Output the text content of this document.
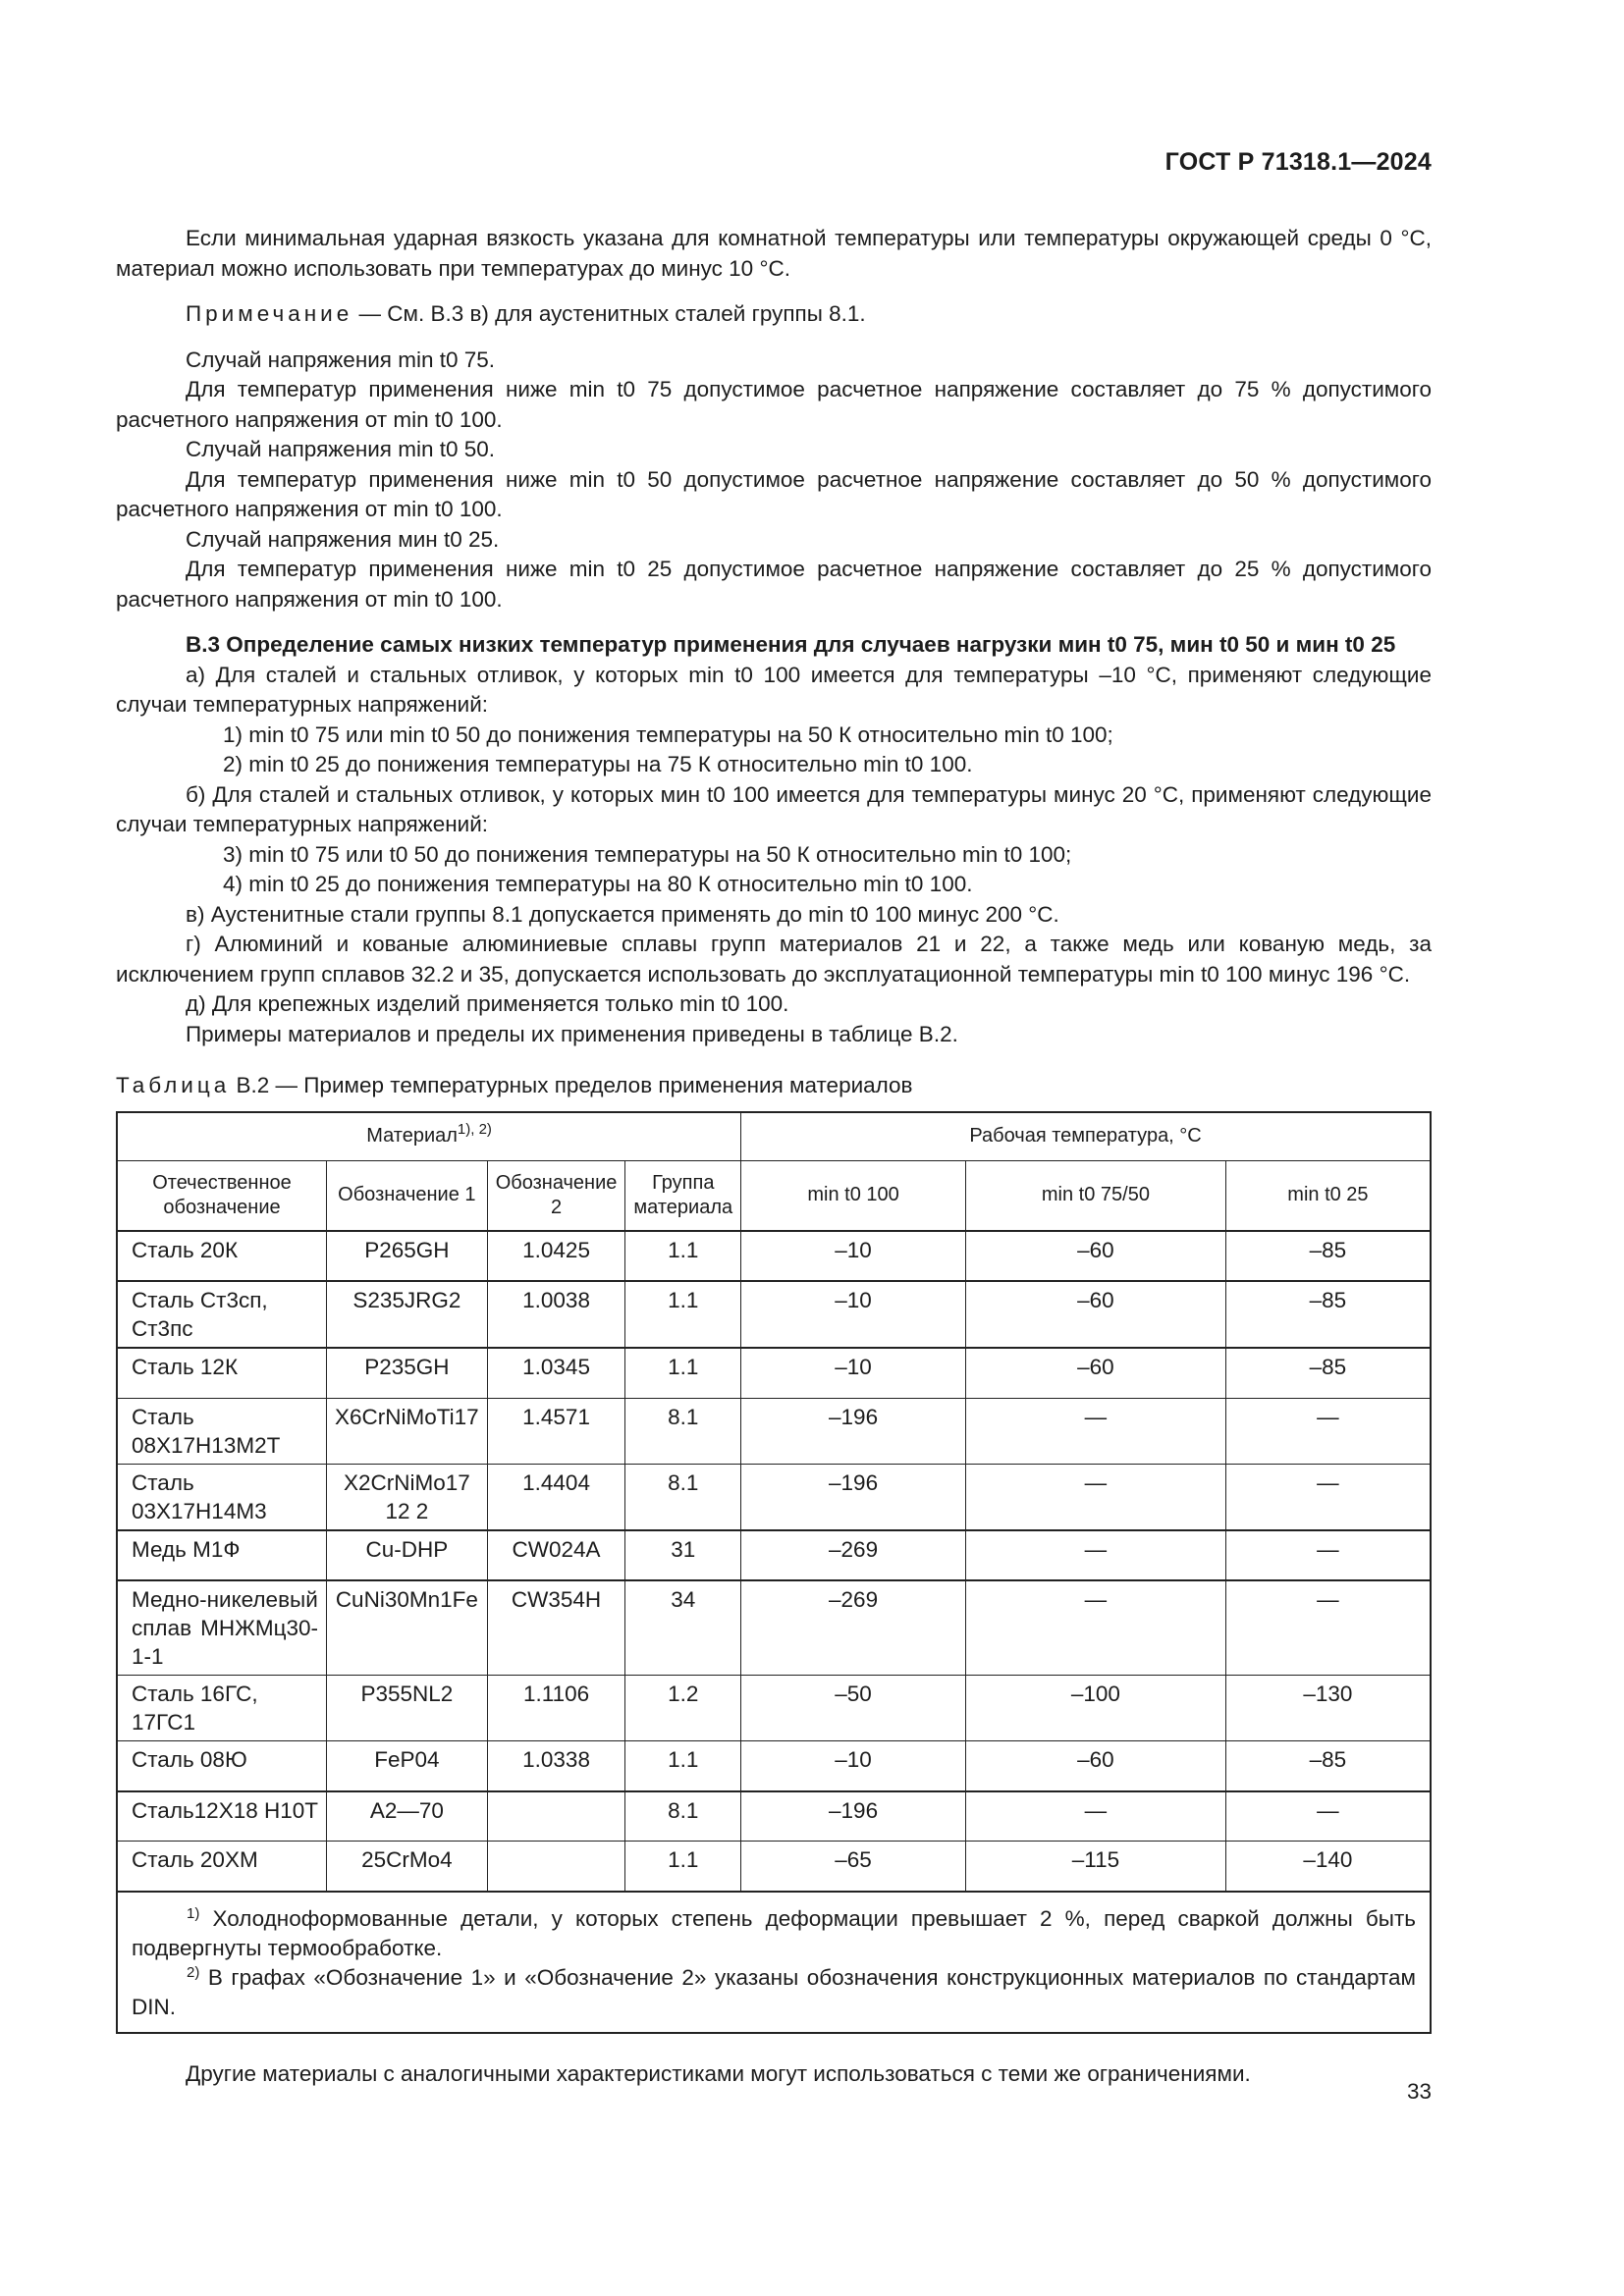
ГОСТ Р 71318.1—2024

Если минимальная ударная вязкость указана для комнатной температуры или температуры окружающей среды 0 °С, материал можно использовать при температурах до минус 10 °С.

Примечание — См. В.3 в) для аустенитных сталей группы 8.1.

Случай напряжения min t0 75.

Для температур применения ниже min t0 75 допустимое расчетное напряжение составляет до 75 % допустимого расчетного напряжения от min t0 100.

Случай напряжения min t0 50.

Для температур применения ниже min t0 50 допустимое расчетное напряжение составляет до 50 % допустимого расчетного напряжения от min t0 100.

Случай напряжения мин t0 25.

Для температур применения ниже min t0 25 допустимое расчетное напряжение составляет до 25 % допустимого расчетного напряжения от min t0 100.

В.3 Определение самых низких температур применения для случаев нагрузки мин t0 75, мин t0 50 и мин t0 25

а) Для сталей и стальных отливок, у которых min t0 100 имеется для температуры –10 °С, применяют следующие случаи температурных напряжений:

1) min t0 75 или min t0 50 до понижения температуры на 50 К относительно min t0 100;

2) min t0 25 до понижения температуры на 75 К относительно min t0 100.

б) Для сталей и стальных отливок, у которых мин t0 100 имеется для температуры минус 20 °С, применяют следующие случаи температурных напряжений:

3) min t0 75 или t0 50 до понижения температуры на 50 К относительно min t0 100;

4) min t0 25 до понижения температуры на 80 К относительно min t0 100.

в) Аустенитные стали группы 8.1 допускается применять до min t0 100 минус 200 °С.

г) Алюминий и кованые алюминиевые сплавы групп материалов 21 и 22, а также медь или кованую медь, за исключением групп сплавов 32.2 и 35, допускается использовать до эксплуатационной температуры min t0 100 минус 196 °С.

д) Для крепежных изделий применяется только min t0 100.

Примеры материалов и пределы их применения приведены в таблице В.2.

Таблица В.2 — Пример температурных пределов применения материалов

Материал$^{1), 2)}$				Рабочая температура, °С		
Отечественное обозначение	Обозначение 1	Обозначение 2	Группа материала			
				min t0 100	min t0 75/50	min t0 25
Сталь 20К	P265GH	1.0425	1.1	–10	–60	–85
Сталь Ст3сп, Ст3пс	S235JRG2	1.0038	1.1	–10	–60	–85
Сталь 12К	P235GH	1.0345	1.1	–10	–60	–85
Сталь 08Х17Н13М2Т	X6CrNiMoTi17	1.4571	8.1	–196	—	—
Сталь 03Х17Н14М3	X2CrNiMo17 12 2	1.4404	8.1	–196	—	—
Медь М1Ф	Cu-DHP	CW024A	31	–269	—	—
Медно-никелевый сплав МНЖМц30-1-1	CuNi30Mn1Fe	CW354H	34	–269	—	—
Сталь 16ГС, 17ГС1	P355NL2	1.1106	1.2	–50	–100	–130
Сталь 08Ю	FeP04	1.0338	1.1	–10	–60	–85
Сталь12Х18 Н10Т	A2—70		8.1	–196	—	—
Сталь 20ХМ	25CrMo4		1.1	–65	–115	–140

$^{1)}$ Холодноформованные детали, у которых степень деформации превышает 2 %, перед сваркой должны быть подвергнуты термообработке.
$^{2)}$ В графах «Обозначение 1» и «Обозначение 2» указаны обозначения конструкционных материалов по стандартам DIN.						

Другие материалы с аналогичными характеристиками могут использоваться с теми же ограничениями.

33
